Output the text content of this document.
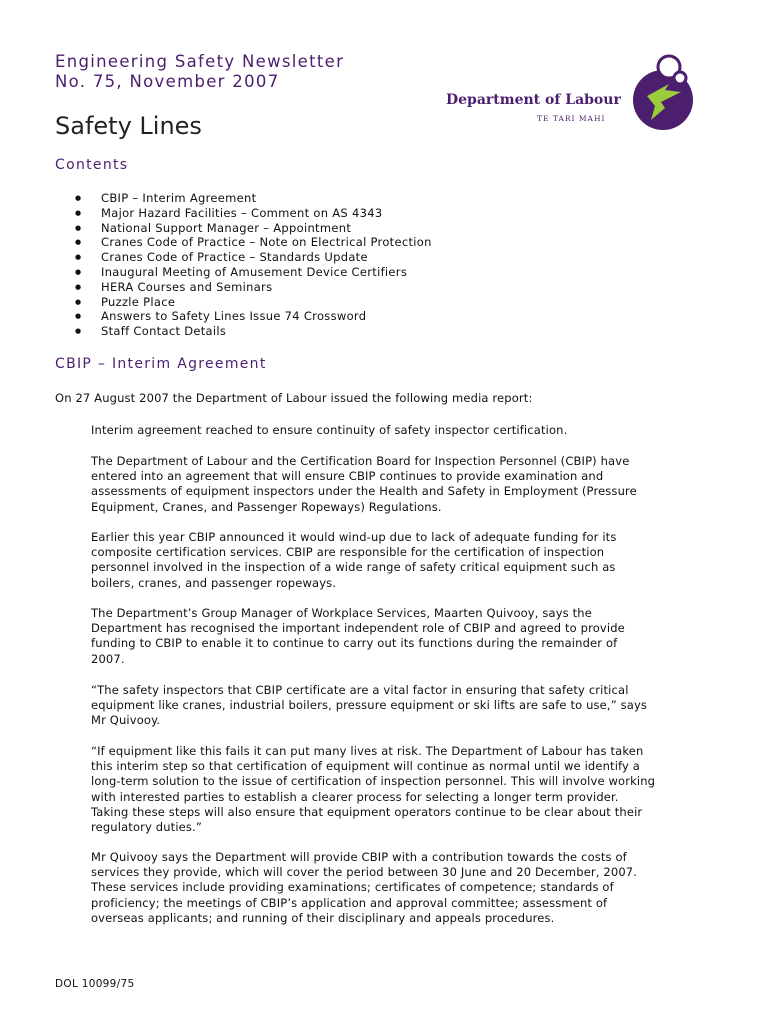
Engineering Safety Newsletter
No. 75, November 2007
Safety Lines
Department of Labour
TE TARI MAHI
Contents
● CBIP – Interim Agreement
● Major Hazard Facilities – Comment on AS 4343
● National Support Manager – Appointment
● Cranes Code of Practice – Note on Electrical Protection
● Cranes Code of Practice – Standards Update
● Inaugural Meeting of Amusement Device Certifiers
● HERA Courses and Seminars
● Puzzle Place
● Answers to Safety Lines Issue 74 Crossword
● Staff Contact Details
CBIP – Interim Agreement

On 27 August 2007 the Department of Labour issued the following media report:

Interim agreement reached to ensure continuity of safety inspector certification.

The Department of Labour and the Certification Board for Inspection Personnel (CBIP) have
entered into an agreement that will ensure CBIP continues to provide examination and
assessments of equipment inspectors under the Health and Safety in Employment (Pressure
Equipment, Cranes, and Passenger Ropeways) Regulations.

Earlier this year CBIP announced it would wind-up due to lack of adequate funding for its
composite certification services. CBIP are responsible for the certification of inspection
personnel involved in the inspection of a wide range of safety critical equipment such as
boilers, cranes, and passenger ropeways.

The Department’s Group Manager of Workplace Services, Maarten Quivooy, says the
Department has recognised the important independent role of CBIP and agreed to provide
funding to CBIP to enable it to continue to carry out its functions during the remainder of
2007.

“The safety inspectors that CBIP certificate are a vital factor in ensuring that safety critical
equipment like cranes, industrial boilers, pressure equipment or ski lifts are safe to use,” says
Mr Quivooy.

“If equipment like this fails it can put many lives at risk. The Department of Labour has taken
this interim step so that certification of equipment will continue as normal until we identify a
long-term solution to the issue of certification of inspection personnel. This will involve working
with interested parties to establish a clearer process for selecting a longer term provider.
Taking these steps will also ensure that equipment operators continue to be clear about their
regulatory duties.”

Mr Quivooy says the Department will provide CBIP with a contribution towards the costs of
services they provide, which will cover the period between 30 June and 20 December, 2007.
These services include providing examinations; certificates of competence; standards of
proficiency; the meetings of CBIP’s application and approval committee; assessment of
overseas applicants; and running of their disciplinary and appeals procedures.

DOL 10099/75
